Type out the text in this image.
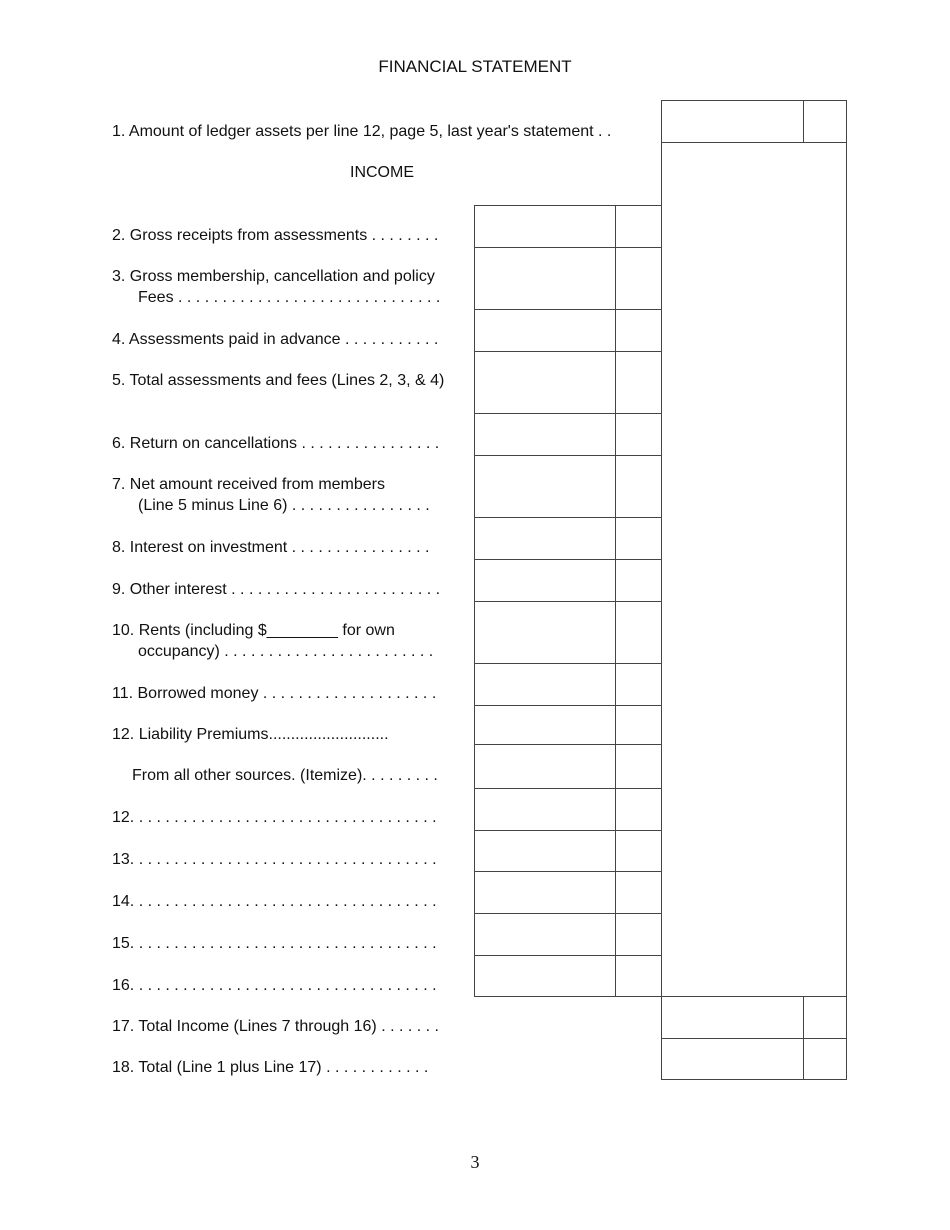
FINANCIAL STATEMENT
1. Amount of ledger assets per line 12, page 5, last year's statement . .
INCOME
2. Gross receipts from assessments . . . . . . . .
3. Gross membership, cancellation and policy
Fees . . . . . . . . . . . . . . . . . . . . . . . . . . . . . .
4. Assessments paid in advance . . . . . . . . . . .
5. Total assessments and fees (Lines 2, 3, & 4)
6. Return on cancellations . . . . . . . . . . . . . . . .
7. Net amount received from members
(Line 5 minus Line 6) . . . . . . . . . . . . . . . .
8. Interest on investment . . . . . . . . . . . . . . . .
9. Other interest . . . . . . . . . . . . . . . . . . . . . . . .
10. Rents (including $________ for own
occupancy) . . . . . . . . . . . . . . . . . . . . . . . .
11. Borrowed money . . . . . . . . . . . . . . . . . . . .
12. Liability Premiums...........................
From all other sources. (Itemize). . . . . . . . .
12. . . . . . . . . . . . . . . . . . . . . . . . . . . . . . . . . . .
13. . . . . . . . . . . . . . . . . . . . . . . . . . . . . . . . . . .
14. . . . . . . . . . . . . . . . . . . . . . . . . . . . . . . . . . .
15. . . . . . . . . . . . . . . . . . . . . . . . . . . . . . . . . . .
16. . . . . . . . . . . . . . . . . . . . . . . . . . . . . . . . . . .
17. Total Income (Lines 7 through 16) . . . . . . .
18. Total (Line 1 plus Line 17) . . . . . . . . . . . .
3
